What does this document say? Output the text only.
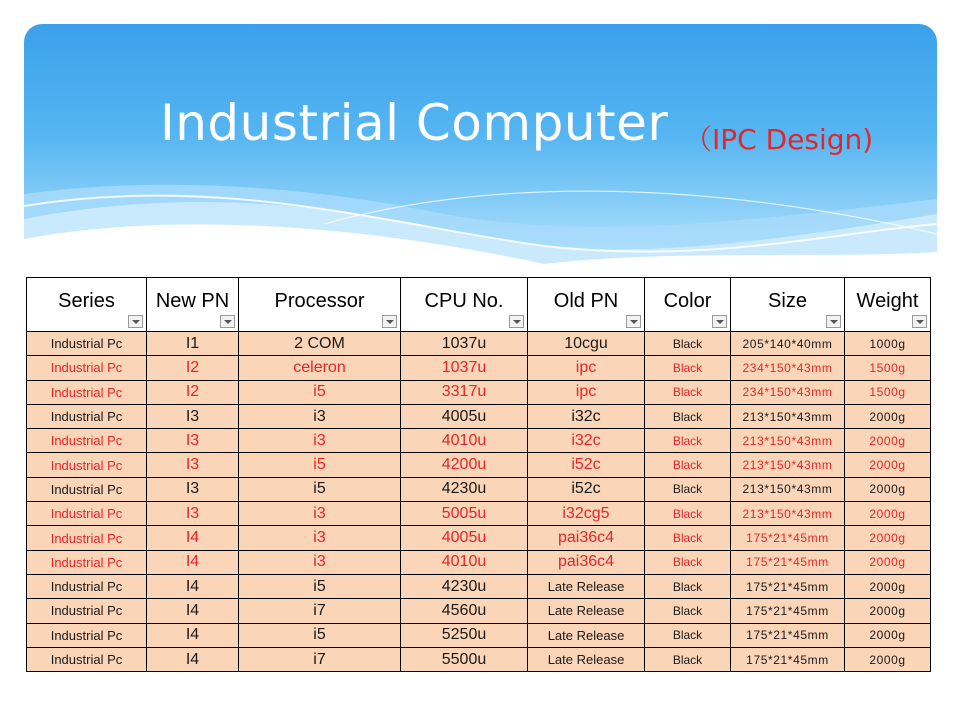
Industrial Computer （IPC Design)
Series	New PN	Processor	CPU No.	Old PN	Color	Size	Weight

Industrial Pc	I1	2 COM	1037u	10cgu	Black	205*140*40mm	1000g
Industrial Pc	I2	celeron	1037u	ipc	Black	234*150*43mm	1500g
Industrial Pc	I2	i5	3317u	ipc	Black	234*150*43mm	1500g
Industrial Pc	I3	i3	4005u	i32c	Black	213*150*43mm	2000g
Industrial Pc	I3	i3	4010u	i32c	Black	213*150*43mm	2000g
Industrial Pc	I3	i5	4200u	i52c	Black	213*150*43mm	2000g
Industrial Pc	I3	i5	4230u	i52c	Black	213*150*43mm	2000g
Industrial Pc	I3	i3	5005u	i32cg5	Black	213*150*43mm	2000g
Industrial Pc	I4	i3	4005u	pai36c4	Black	175*21*45mm	2000g
Industrial Pc	I4	i3	4010u	pai36c4	Black	175*21*45mm	2000g
Industrial Pc	I4	i5	4230u	Late Release	Black	175*21*45mm	2000g
Industrial Pc	I4	i7	4560u	Late Release	Black	175*21*45mm	2000g
Industrial Pc	I4	i5	5250u	Late Release	Black	175*21*45mm	2000g
Industrial Pc	I4	i7	5500u	Late Release	Black	175*21*45mm	2000g
